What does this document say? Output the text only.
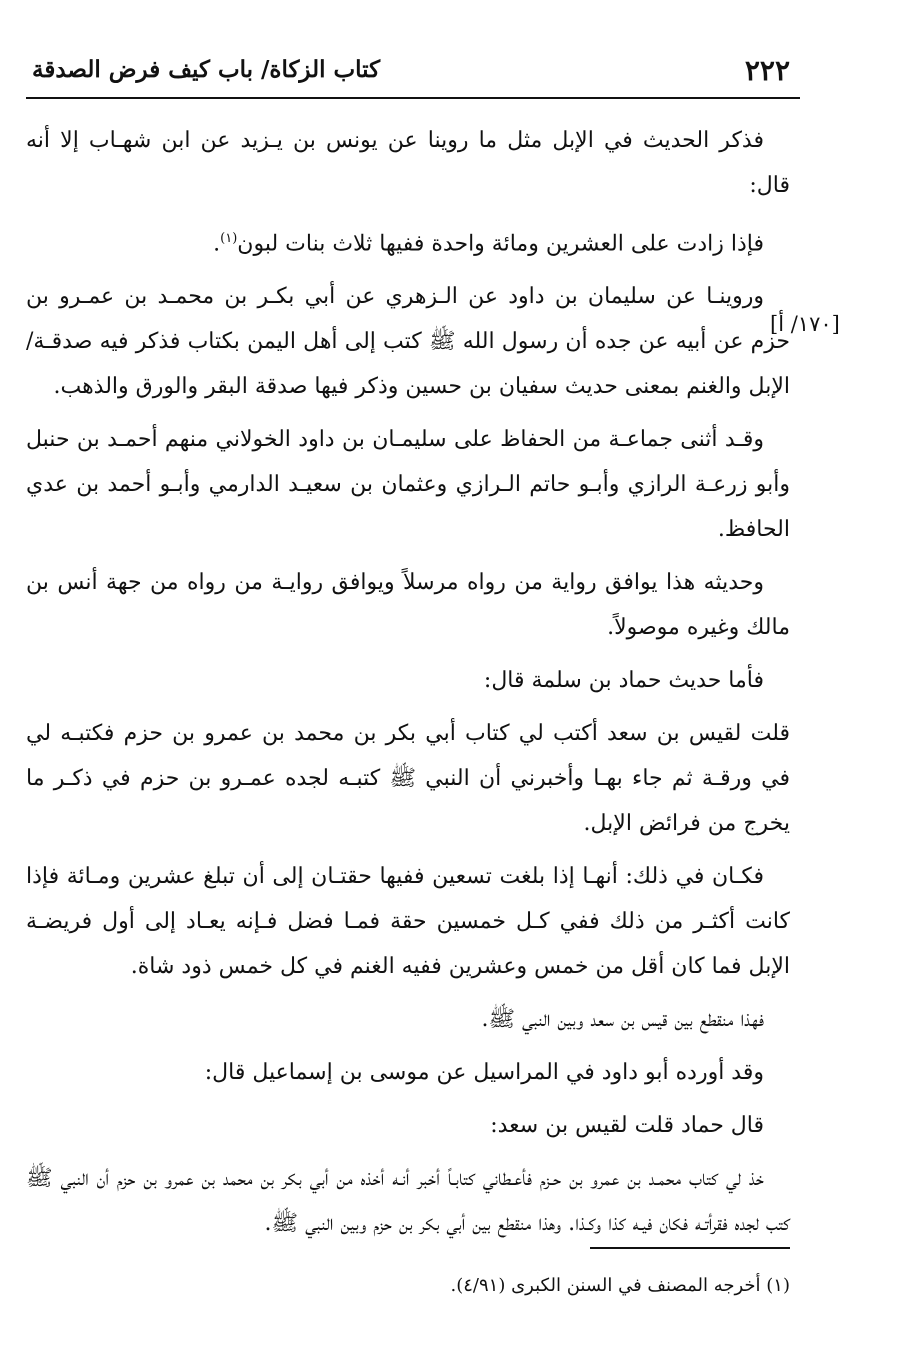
٢٢٢
كتاب الزكاة/ باب كيف فرض الصدقة
[١٧٠/ أ]

فذكر الحديث في الإبل مثل ما روينا عن يونس بن يـزيد عن ابن شهـاب إلا أنه قال:

فإذا زادت على العشرين ومائة واحدة ففيها ثلاث بنات لبون$^{(١)}$.

وروينـا عن سليمان بن داود عن الـزهري عن أبي بكـر بن محمـد بن عمـرو بن حزم عن أبيه عن جده أن رسول الله ﷺ كتب إلى أهل اليمن بكتاب فذكر فيه صدقـة/ الإبل والغنم بمعنى حديث سفيان بن حسين وذكر فيها صدقة البقر والورق والذهب.

وقـد أثنى جماعـة من الحفاظ على سليمـان بن داود الخولاني منهم أحمـد بن حنبل وأبو زرعـة الرازي وأبـو حاتم الـرازي وعثمان بن سعيـد الدارمي وأبـو أحمد بن عدي الحافظ.

وحديثه هذا يوافق رواية من رواه مرسلاً ويوافق روايـة من رواه من جهة أنس بن مالك وغيره موصولاً.

فأما حديث حماد بن سلمة قال:

قلت لقيس بن سعد أكتب لي كتاب أبي بكر بن محمد بن عمرو بن حزم فكتبـه لي في ورقـة ثم جاء بهـا وأخبرني أن النبي ﷺ كتبـه لجده عمـرو بن حزم في ذكـر ما يخرج من فرائض الإبل.

فكـان في ذلك: أنهـا إذا بلغت تسعين ففيها حقتـان إلى أن تبلغ عشرين ومـائة فإذا كانت أكثـر من ذلك ففي كـل خمسين حقة فمـا فضل فـإنه يعـاد إلى أول فريضـة الإبل فما كان أقل من خمس وعشرين ففيه الغنم في كل خمس ذود شاة.

فهذا منقطع بين قيس بن سعد وبين النبي ﷺ.

وقد أورده أبو داود في المراسيل عن موسى بن إسماعيل قال:

قال حماد قلت لقيس بن سعد:

خذ لي كتاب محمـد بن عمرو بن حـزم فأعـطاني كتابـاً أخبر أنـه أخذه من أبي بكر بن محمد بن عمرو بن حزم أن النبي ﷺ كتب لجده فقرأتـه فكان فيـه كذا وكـذا. وهذا منقطع بين أبي بكر بن حزم وبين النبي ﷺ.

(١) أخرجه المصنف في السنن الكبرى (٤/٩١).
